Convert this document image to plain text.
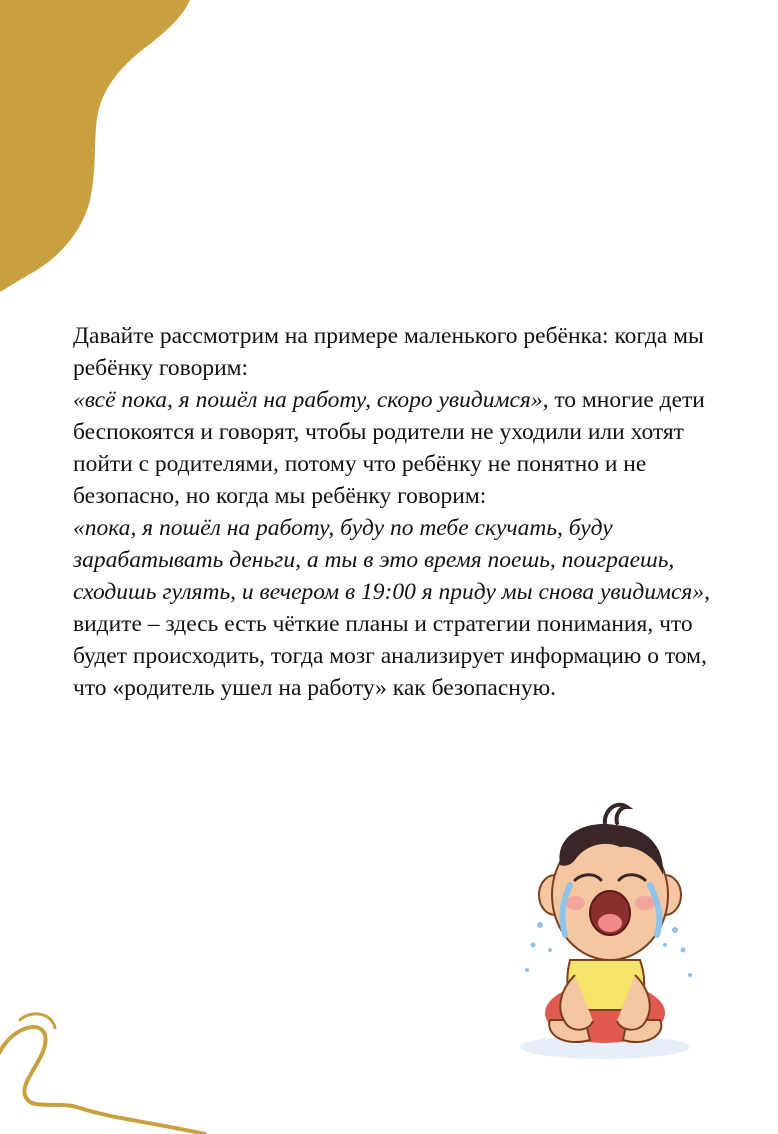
Давайте рассмотрим на примере маленького ребёнка: когда мы ребёнку говорим:
«всё пока, я пошёл на работу, скоро увидимся», то многие дети беспокоятся и говорят, чтобы родители не уходили или хотят пойти с родителями, потому что ребёнку не понятно и не безопасно, но когда мы ребёнку говорим:
«пока, я пошёл на работу, буду по тебе скучать, буду зарабатывать деньги, а ты в это время поешь, поиграешь, сходишь гулять, и вечером в 19:00 я приду мы снова увидимся», видите – здесь есть чёткие планы и стратегии понимания, что будет происходить, тогда мозг анализирует информацию о том, что «родитель ушел на работу» как безопасную.
